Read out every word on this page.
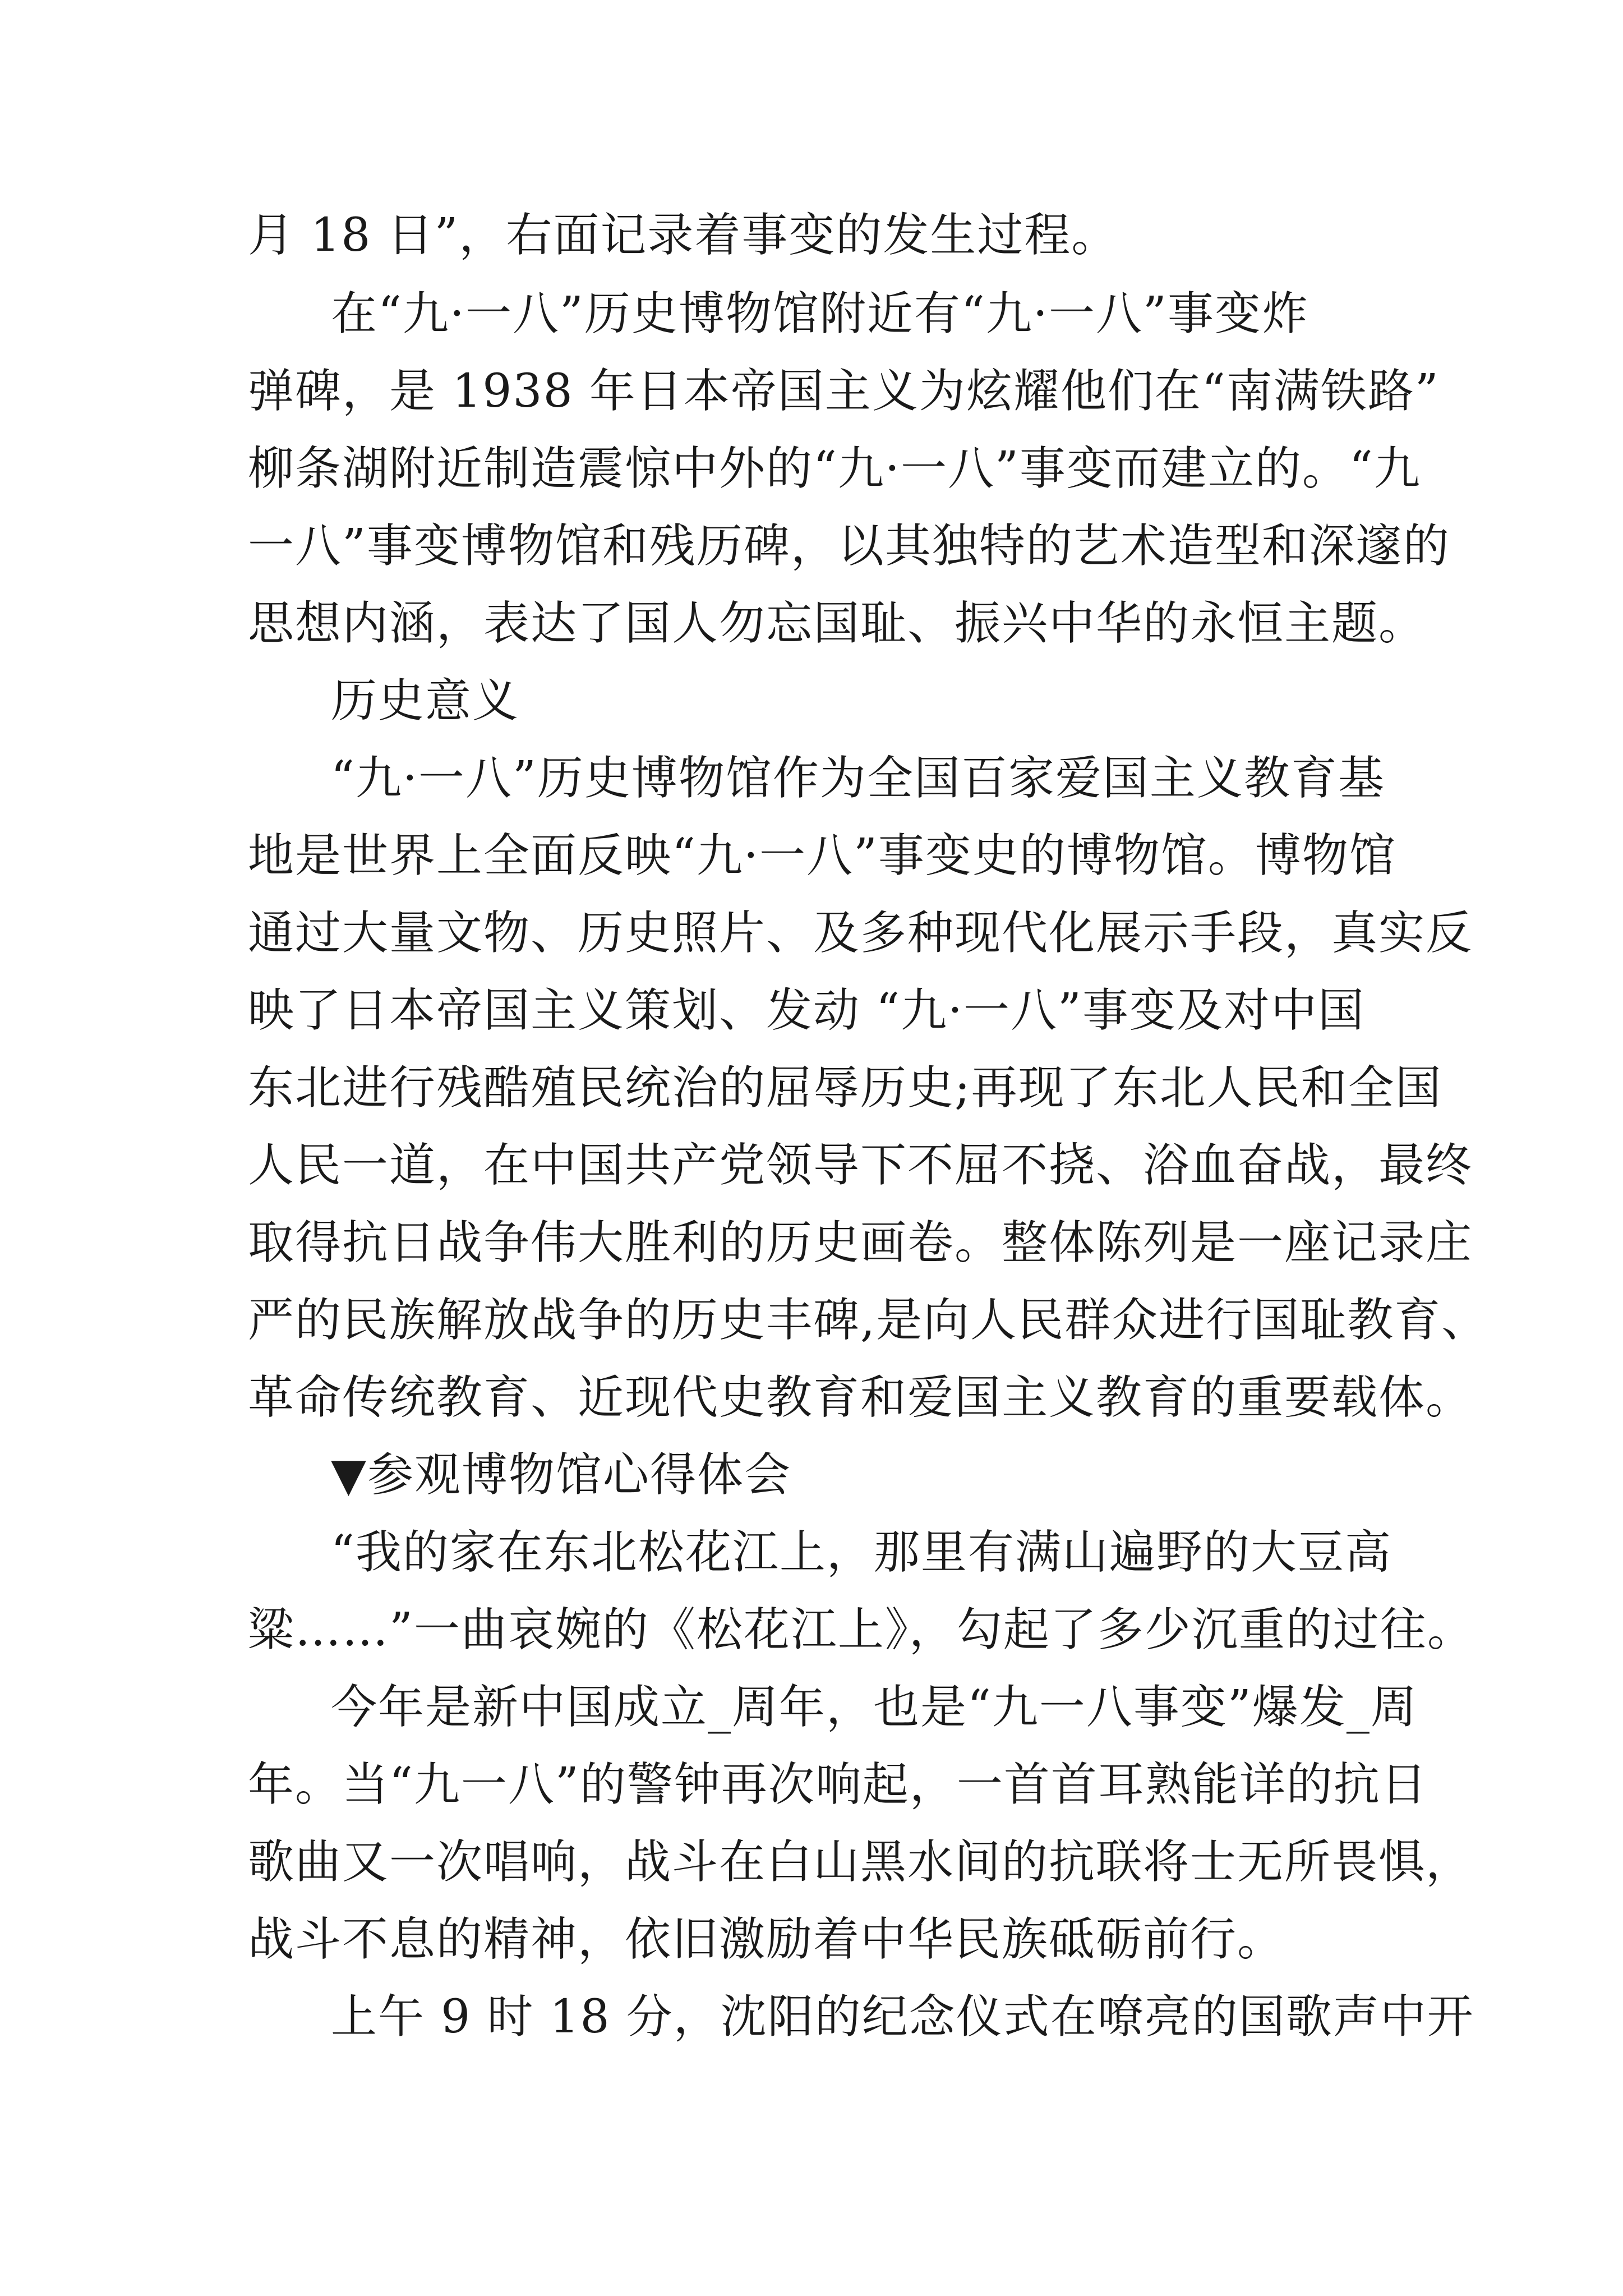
月 18 日”，右面记录着事变的发生过程。
在“九·一八”历史博物馆附近有“九·一八”事变炸
弹碑，是 1938 年日本帝国主义为炫耀他们在“南满铁路”
柳条湖附近制造震惊中外的“九·一八”事变而建立的。“九
一八”事变博物馆和残历碑，以其独特的艺术造型和深邃的
思想内涵，表达了国人勿忘国耻、振兴中华的永恒主题。
历史意义
“九·一八”历史博物馆作为全国百家爱国主义教育基
地是世界上全面反映“九·一八”事变史的博物馆。博物馆
通过大量文物、历史照片、及多种现代化展示手段，真实反
映了日本帝国主义策划、发动 “九·一八”事变及对中国
东北进行残酷殖民统治的屈辱历史;再现了东北人民和全国
人民一道，在中国共产党领导下不屈不挠、浴血奋战，最终
取得抗日战争伟大胜利的历史画卷。整体陈列是一座记录庄
严的民族解放战争的历史丰碑,是向人民群众进行国耻教育、
革命传统教育、近现代史教育和爱国主义教育的重要载体。
▼参观博物馆心得体会
“我的家在东北松花江上，那里有满山遍野的大豆高
粱……”一曲哀婉的《松花江上》，勾起了多少沉重的过往。
今年是新中国成立_周年，也是“九一八事变”爆发_周
年。当“九一八”的警钟再次响起，一首首耳熟能详的抗日
歌曲又一次唱响，战斗在白山黑水间的抗联将士无所畏惧，
战斗不息的精神，依旧激励着中华民族砥砺前行。
上午 9 时 18 分，沈阳的纪念仪式在嘹亮的国歌声中开
